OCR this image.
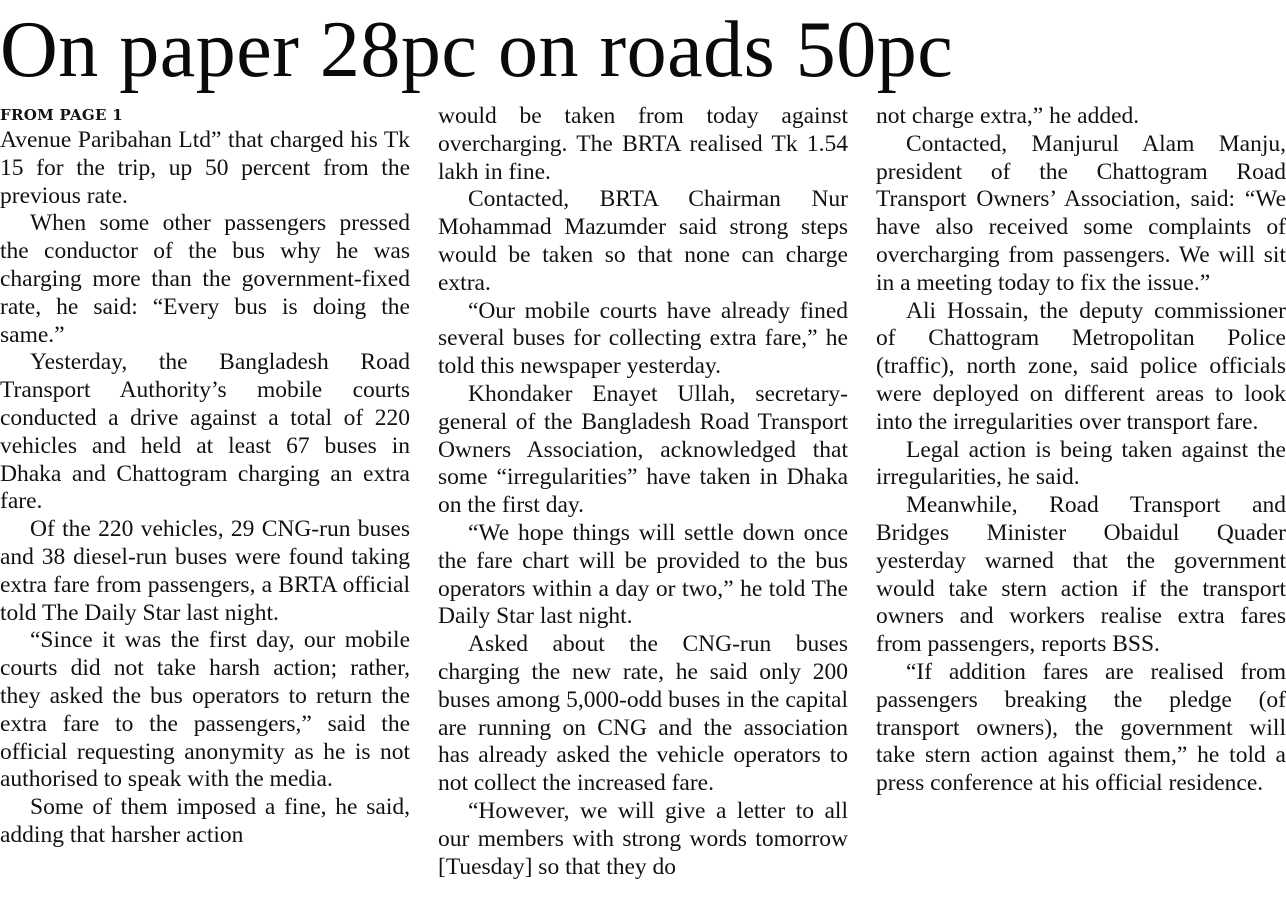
On paper 28pc on roads 50pc
FROM PAGE 1

Avenue Paribahan Ltd” that charged his Tk 15 for the trip, up 50 percent from the previous rate.

When some other passengers pressed the conductor of the bus why he was charging more than the government-fixed rate, he said: “Every bus is doing the same.”

Yesterday, the Bangladesh Road Transport Authority’s mobile courts conducted a drive against a total of 220 vehicles and held at least 67 buses in Dhaka and Chattogram charging an extra fare.

Of the 220 vehicles, 29 CNG-run buses and 38 diesel-run buses were found taking extra fare from passengers, a BRTA official told The Daily Star last night.

“Since it was the first day, our mobile courts did not take harsh action; rather, they asked the bus operators to return the extra fare to the passengers,” said the official requesting anonymity as he is not authorised to speak with the media.

Some of them imposed a fine, he said, adding that harsher action

would be taken from today against overcharging. The BRTA realised Tk 1.54 lakh in fine.

Contacted, BRTA Chairman Nur Mohammad Mazumder said strong steps would be taken so that none can charge extra.

“Our mobile courts have already fined several buses for collecting extra fare,” he told this newspaper yesterday.

Khondaker Enayet Ullah, secretary-general of the Bangladesh Road Transport Owners Association, acknowledged that some “irregularities” have taken in Dhaka on the first day.

“We hope things will settle down once the fare chart will be provided to the bus operators within a day or two,” he told The Daily Star last night.

Asked about the CNG-run buses charging the new rate, he said only 200 buses among 5,000-odd buses in the capital are running on CNG and the association has already asked the vehicle operators to not collect the increased fare.

“However, we will give a letter to all our members with strong words tomorrow [Tuesday] so that they do

not charge extra,” he added.

Contacted, Manjurul Alam Manju, president of the Chattogram Road Transport Owners’ Association, said: “We have also received some complaints of overcharging from passengers. We will sit in a meeting today to fix the issue.”

Ali Hossain, the deputy commissioner of Chattogram Metropolitan Police (traffic), north zone, said police officials were deployed on different areas to look into the irregularities over transport fare.

Legal action is being taken against the irregularities, he said.

Meanwhile, Road Transport and Bridges Minister Obaidul Quader yesterday warned that the government would take stern action if the transport owners and workers realise extra fares from passengers, reports BSS.

“If addition fares are realised from passengers breaking the pledge (of transport owners), the government will take stern action against them,” he told a press conference at his official residence.
